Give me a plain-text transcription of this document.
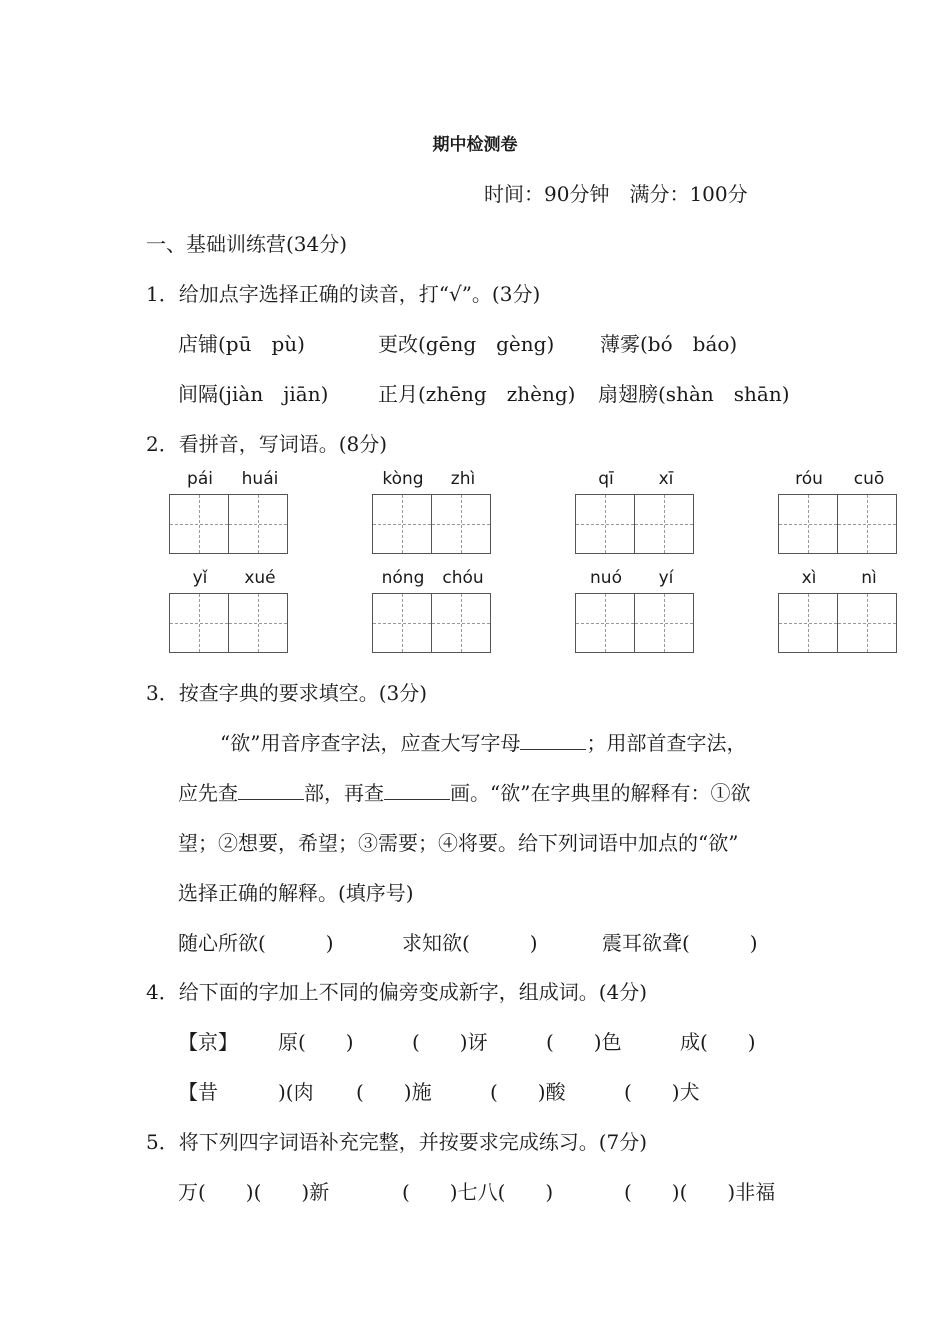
期中检测卷
时间：90分钟　满分：100分
一、基础训练营(34分)
1．给加点字选择正确的读音，打“√”。(3分)
店铺(pū　pù)	更改(gēng　gèng) 薄雾(bó　báo)
间隔(jiàn　jiān) 正月(zhēng　zhèng) 扇翅膀(shàn　shān)
2．看拼音，写词语。(8分)
pái	huái	kòng	zhì	qī	xī	róu	cuō
yǐ	xué	nóng	chóu	nuó	yí	xì	nì
3．按查字典的要求填空。(3分)
“欲”用音序查字法，应查大写字母	；用部首查字法，
应先查	部，再查	画。“欲”在字典里的解释有：①欲
望；②想要，希望；③需要；④将要。给下列词语中加点的“欲”
选择正确的解释。(填序号)
随心所欲(　　　)	求知欲(　　　)	震耳欲聋(　　　)
4．给下面的字加上不同的偏旁变成新字，组成词。(4分)
【京】 原(　　)	(　　)讶	(　　)色	成(　　)
【昔	)(肉 (　　)施	(　　)酸	(　　)犬
5．将下列四字词语补充完整，并按要求完成练习。(7分)
万(　　)(　　)新	(　　)七八(　　)	(　　)(　　)非福
